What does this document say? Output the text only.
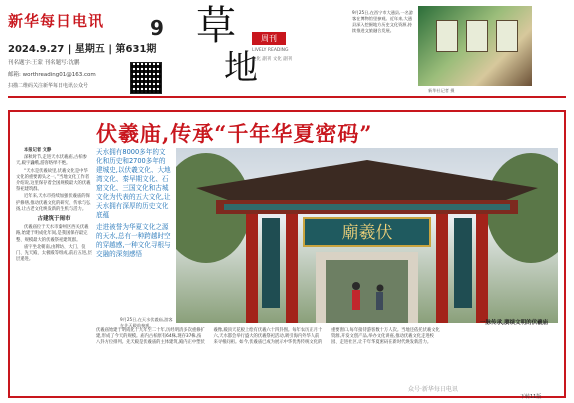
新华每日电讯 9
2024.9.27 | 星期五 | 第631期
刊名题字:王蒙 刊名题写:沈鹏
邮箱: worthreading01@163.com
扫描二维码关注新华每日电讯公众号
草
地
周刊
LIVELY READING
文化 副刊 文化 副刊
9月25日,在西宁市大通县,一名游客在博物馆里参观。近年来,大通县深入挖掘地方历史文化资源,持续推进文旅融合发展。
新华社记者 摄
伏羲庙,传承“千年华夏密码”

本报记者 文静

深秋时节,走进天水伏羲庙,古柏参天,殿宇巍峨,游客络绎不绝。

“天水是伏羲故里,伏羲文化是中华文化的重要源头之一。”当地文化工作者介绍说,这里保存着全国规模最大的伏羲祭祀建筑群。

近年来,天水市持续加强伏羲庙的保护修缮,推动伏羲文化的研究、传承与弘扬,让古老文化焕发新的生机与活力。

古建筑于闹市

伏羲庙位于天水市秦州区西关伏羲路,始建于明成化年间,是我国保存最完整、规模最大的伏羲祭祀建筑群。

庙宇坐北朝南,由牌坊、大门、仪门、先天殿、太极殿等组成,前后五进,层层递进。

天水拥有8000多年的文化和历史和2700多年的建城史,以伏羲文化、大地湾文化、秦早期文化、石窟文化、三国文化和古城文化为代表的五大文化,让天水拥有深厚的历史文化底蕴

走进被誉为华夏文化之源的天水,总有一种跨越时空的穿越感,一种文化寻根与交融的深刻感悟

廟羲伏
9月25日,在天水伏羲庙,游客在先天殿前参观。	一脉传承,赓续文明的伏羲庙
伏羲庙始建于明成化十九年至二十年,历经明清多次重修扩建,形成了今天的规模。庙内古柏原有64株,现存37株,按八卦方位排列。先天殿是伏羲庙的主体建筑,殿内正中塑伏羲像,殿顶天花板上绘有伏羲六十四卦图。每年农历正月十六,天水都会举行盛大的伏羲祭祀活动,吸引海内外华人前来寻根问祖。如今,伏羲庙已成为展示中华优秀传统文化的重要窗口,每年接待游客数十万人次。当地还依托伏羲文化资源,开发文创产品,举办文化讲座,推动伏羲文化走进校园、走进社区,让千年华夏密码在新时代焕发新活力。
众号·新华每日电讯
下转11版
